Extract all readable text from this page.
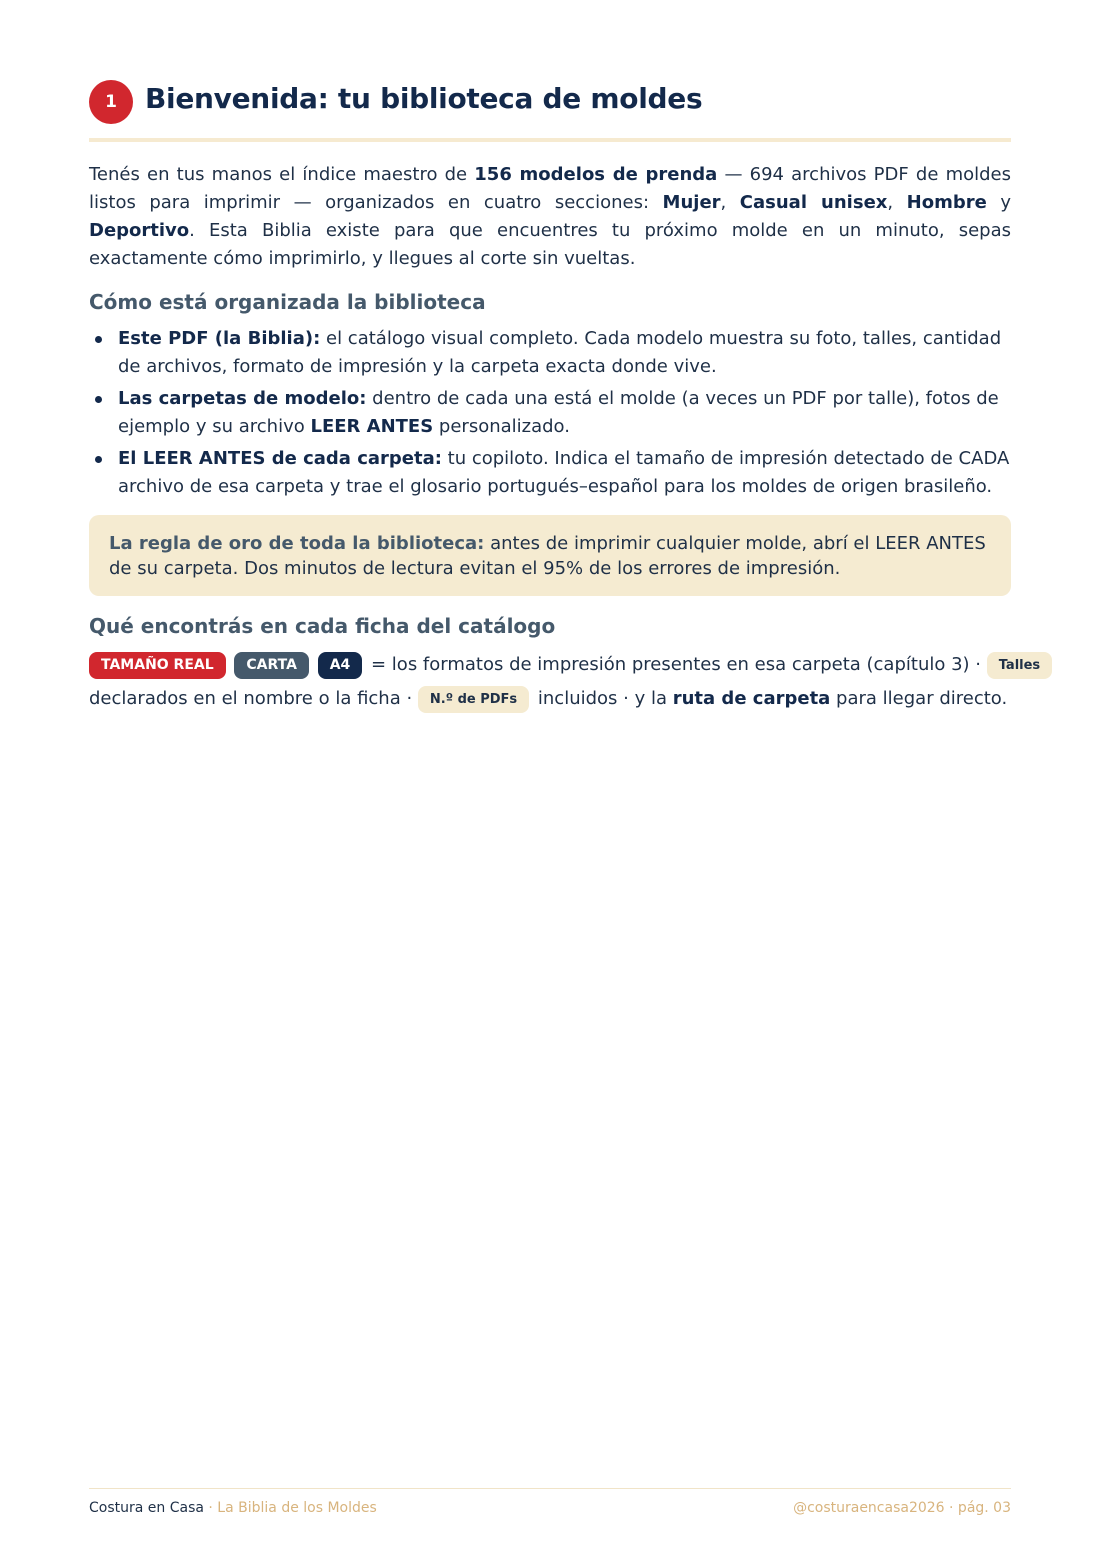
1	Bienvenida: tu biblioteca de moldes

Tenés en tus manos el índice maestro de 156 modelos de prenda — 694 archivos PDF de moldes listos para imprimir — organizados en cuatro secciones: Mujer, Casual unisex, Hombre y Deportivo. Esta Biblia existe para que encuentres tu próximo molde en un minuto, sepas exactamente cómo imprimirlo, y llegues al corte sin vueltas.

Cómo está organizada la biblioteca
Este PDF (la Biblia): el catálogo visual completo. Cada modelo muestra su foto, talles, cantidad de archivos, formato de impresión y la carpeta exacta donde vive.
Las carpetas de modelo: dentro de cada una está el molde (a veces un PDF por talle), fotos de ejemplo y su archivo LEER ANTES personalizado.
El LEER ANTES de cada carpeta: tu copiloto. Indica el tamaño de impresión detectado de CADA archivo de esa carpeta y trae el glosario portugués–español para los moldes de origen brasileño.
La regla de oro de toda la biblioteca: antes de imprimir cualquier molde, abrí el LEER ANTES de su carpeta. Dos minutos de lectura evitan el 95% de los errores de impresión.
Qué encontrás en cada ficha del catálogo
TAMAÑO REAL CARTA A4 = los formatos de impresión presentes en esa carpeta (capítulo 3) · Talles
declarados en el nombre o la ficha · N.º de PDFs incluidos · y la ruta de carpeta para llegar directo.
Costura en Casa · La Biblia de los Moldes	@costuraencasa2026 · pág. 03
